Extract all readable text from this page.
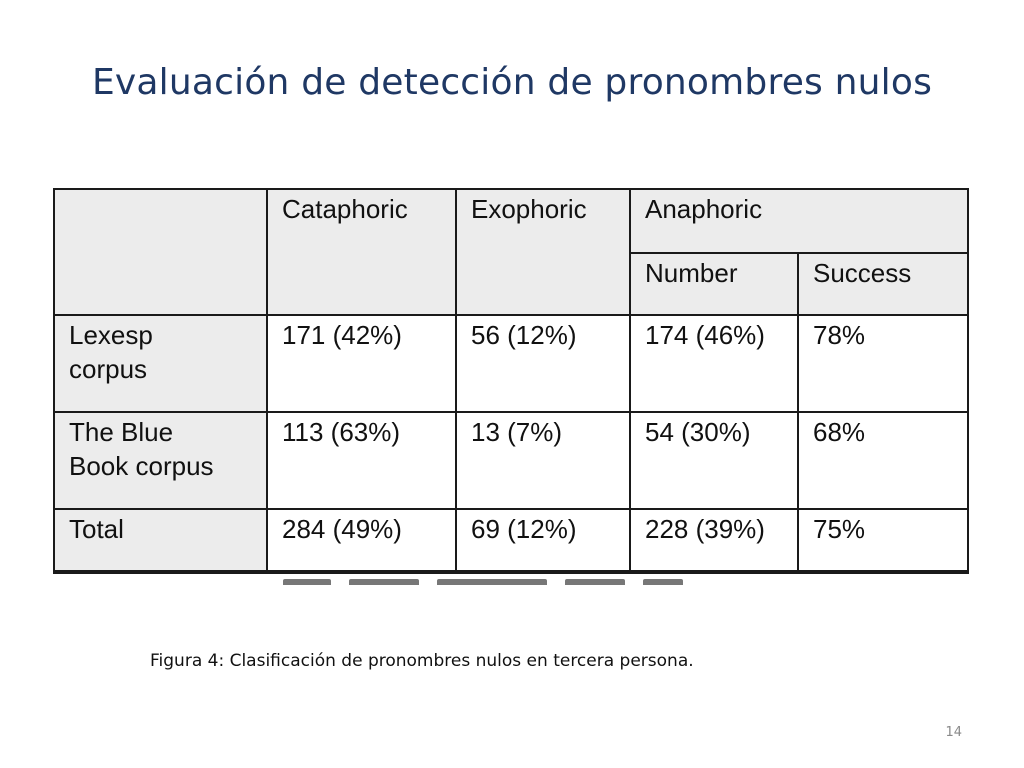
Evaluación de detección de pronombres nulos
	Cataphoric	Exophoric	Anaphoric	
			Number	Success
Lexesp
corpus	171 (42%)	56 (12%)	174 (46%)	78%
The Blue
Book corpus	113 (63%)	13 (7%)	54 (30%)	68%
Total	284 (49%)	69 (12%)	228 (39%)	75%
Figura 4: Clasificación de pronombres nulos en tercera persona.
14
